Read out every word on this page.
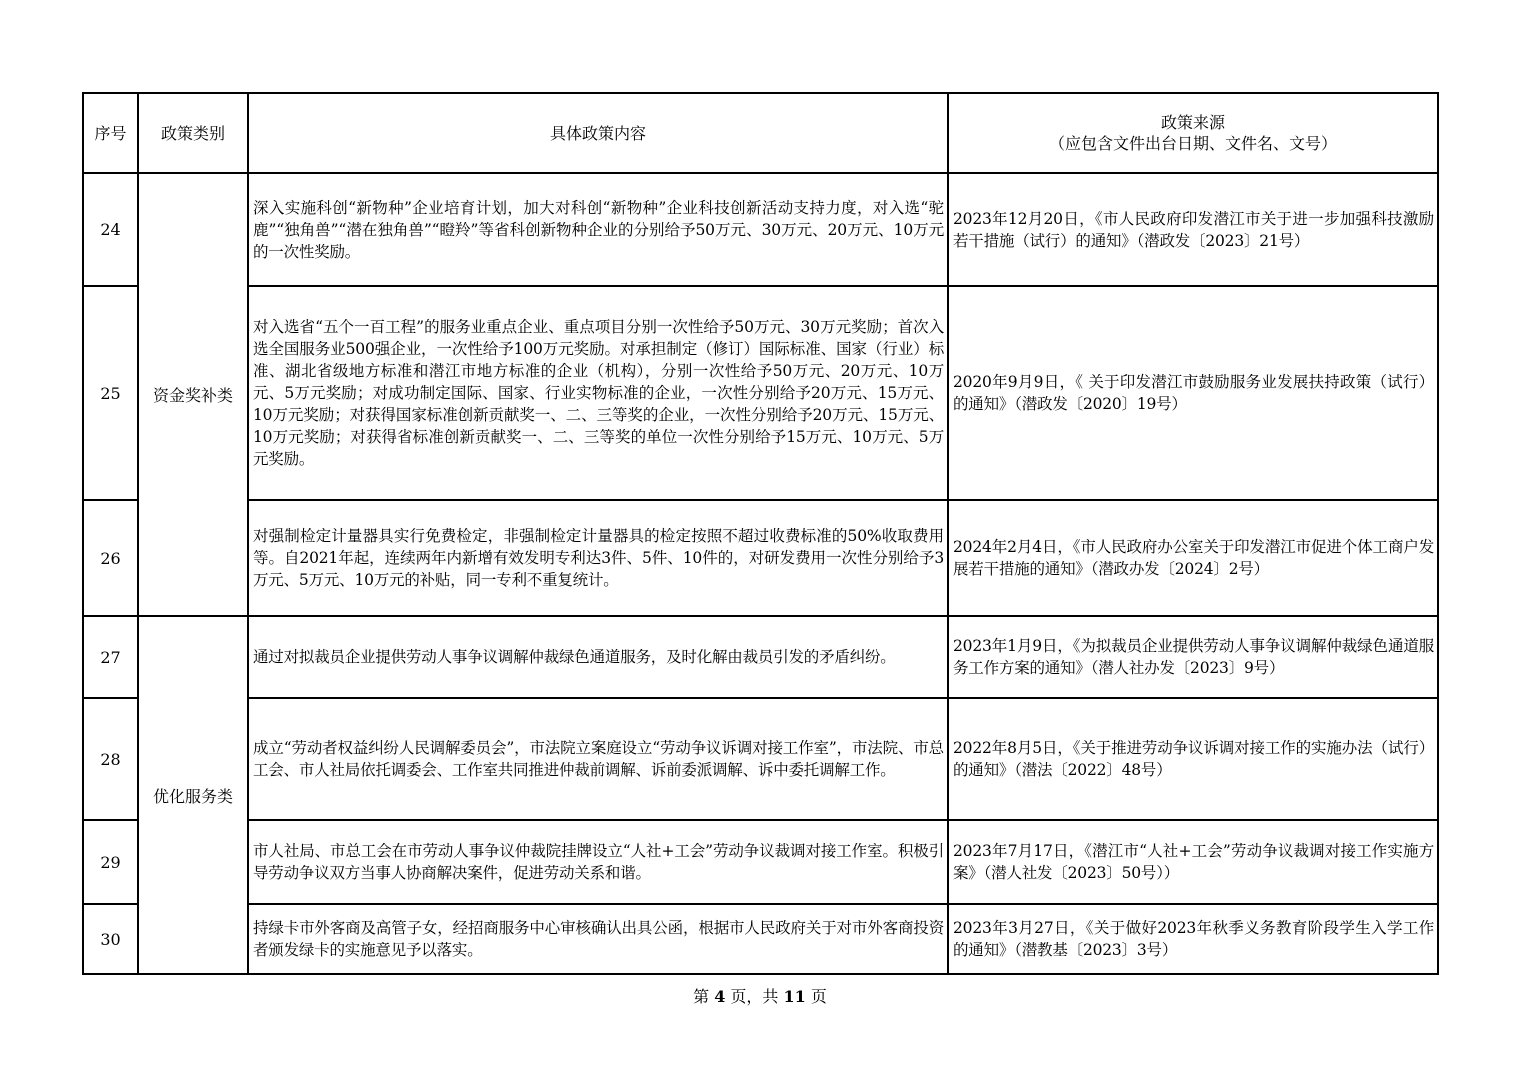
序号	政策类别	具体政策内容	政策来源
（应包含文件出台日期、文件名、文号）

24	资金奖补类	深入实施科创“新物种”企业培育计划，加大对科创“新物种”企业科技创新活动支持力度，对入选“驼鹿”“独角兽”“潜在独角兽”“瞪羚”等省科创新物种企业的分别给予50万元、30万元、20万元、10万元的一次性奖励。	2023年12月20日，《市人民政府印发潜江市关于进一步加强科技激励若干措施（试行）的通知》（潜政发〔2023〕21号）
25		对入选省“五个一百工程”的服务业重点企业、重点项目分别一次性给予50万元、30万元奖励；首次入选全国服务业500强企业，一次性给予100万元奖励。对承担制定（修订）国际标准、国家（行业）标准、湖北省级地方标准和潜江市地方标准的企业（机构），分别一次性给予50万元、20万元、10万元、5万元奖励；对成功制定国际、国家、行业实物标准的企业，一次性分别给予20万元、15万元、10万元奖励；对获得国家标准创新贡献奖一、二、三等奖的企业，一次性分别给予20万元、15万元、10万元奖励；对获得省标准创新贡献奖一、二、三等奖的单位一次性分别给予15万元、10万元、5万元奖励。	2020年9月9日，《 关于印发潜江市鼓励服务业发展扶持政策（试行）的通知》（潜政发〔2020〕19号）
26		对强制检定计量器具实行免费检定，非强制检定计量器具的检定按照不超过收费标准的50%收取费用等。自2021年起，连续两年内新增有效发明专利达3件、5件、10件的，对研发费用一次性分别给予3万元、5万元、10万元的补贴，同一专利不重复统计。	2024年2月4日，《市人民政府办公室关于印发潜江市促进个体工商户发展若干措施的通知》（潜政办发〔2024〕2号）
27	优化服务类	通过对拟裁员企业提供劳动人事争议调解仲裁绿色通道服务，及时化解由裁员引发的矛盾纠纷。	2023年1月9日，《为拟裁员企业提供劳动人事争议调解仲裁绿色通道服务工作方案的通知》（潜人社办发〔2023〕9号）
28		成立“劳动者权益纠纷人民调解委员会”，市法院立案庭设立“劳动争议诉调对接工作室”，市法院、市总工会、市人社局依托调委会、工作室共同推进仲裁前调解、诉前委派调解、诉中委托调解工作。	2022年8月5日，《关于推进劳动争议诉调对接工作的实施办法（试行）的通知》（潜法〔2022〕48号）
29		市人社局、市总工会在市劳动人事争议仲裁院挂牌设立“人社+工会”劳动争议裁调对接工作室。积极引导劳动争议双方当事人协商解决案件，促进劳动关系和谐。	2023年7月17日，《潜江市“人社+工会”劳动争议裁调对接工作实施方案》（潜人社发〔2023〕50号））
30		持绿卡市外客商及高管子女，经招商服务中心审核确认出具公函，根据市人民政府关于对市外客商投资者颁发绿卡的实施意见予以落实。	2023年3月27日，《关于做好2023年秋季义务教育阶段学生入学工作的通知》（潜教基〔2023〕3号）
第 4 页，共 11 页
